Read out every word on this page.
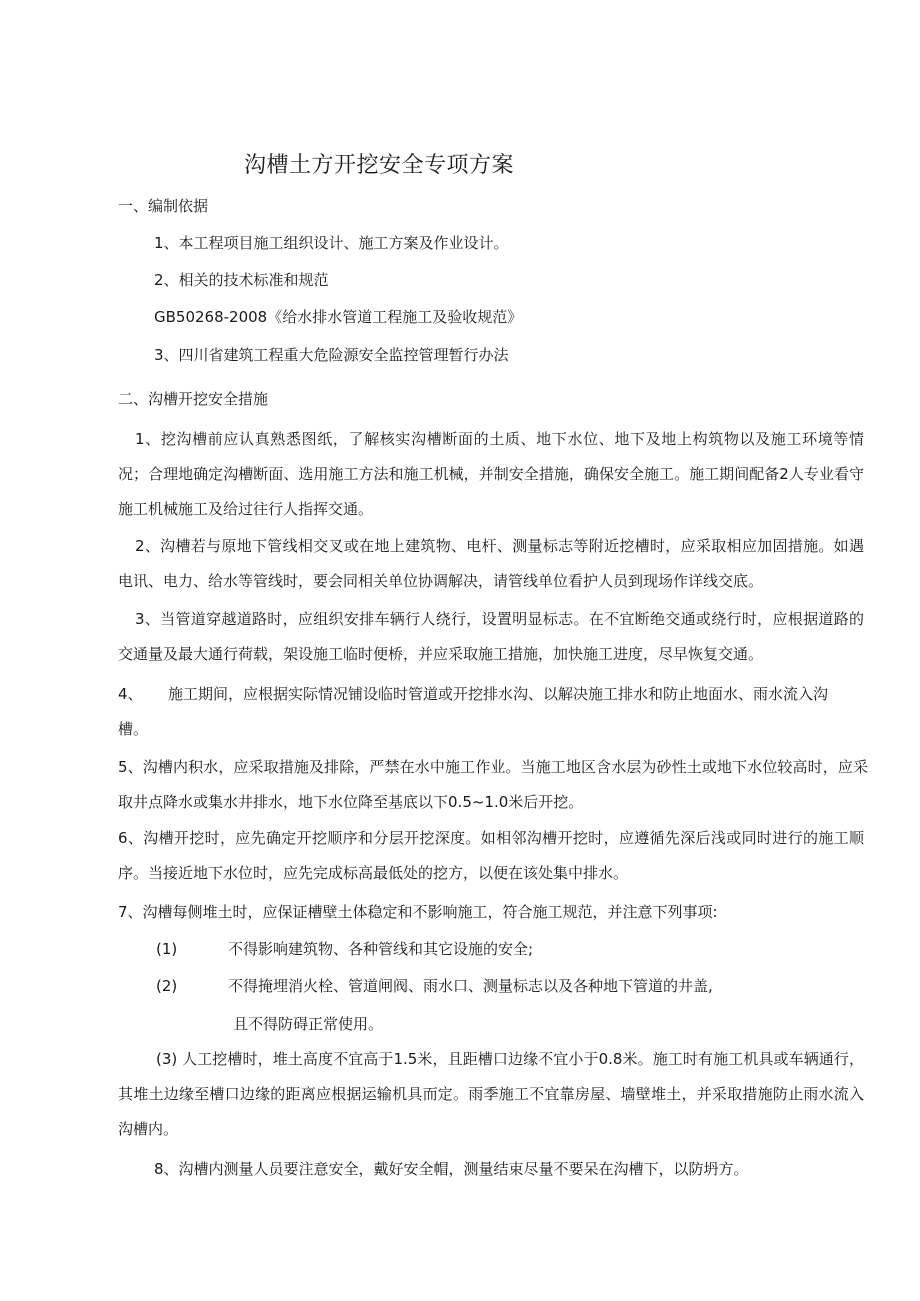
沟槽土方开挖安全专项方案
一、编制依据
1、本工程项目施工组织设计、施工方案及作业设计。
2、相关的技术标准和规范
GB50268-2008《给水排水管道工程施工及验收规范》
3、四川省建筑工程重大危险源安全监控管理暂行办法
二、沟槽开挖安全措施
1、挖沟槽前应认真熟悉图纸，了解核实沟槽断面的土质、地下水位、地下及地上构筑物以及施工环境等情况；合理地确定沟槽断面、选用施工方法和施工机械，并制安全措施，确保安全施工。施工期间配备2人专业看守施工机械施工及给过往行人指挥交通。
2、沟槽若与原地下管线相交叉或在地上建筑物、电杆、测量标志等附近挖槽时，应采取相应加固措施。如遇电讯、电力、给水等管线时，要会同相关单位协调解决，请管线单位看护人员到现场作详线交底。
3、当管道穿越道路时，应组织安排车辆行人绕行，设置明显标志。在不宜断绝交通或绕行时，应根据道路的交通量及最大通行荷载，架设施工临时便桥，并应采取施工措施，加快施工进度，尽早恢复交通。
4、 施工期间，应根据实际情况铺设临时管道或开挖排水沟、以解决施工排水和防止地面水、雨水流入沟
槽。
5、沟槽内积水，应采取措施及排除，严禁在水中施工作业。当施工地区含水层为砂性土或地下水位较高时，应采取井点降水或集水井排水，地下水位降至基底以下0.5~1.0米后开挖。
6、沟槽开挖时，应先确定开挖顺序和分层开挖深度。如相邻沟槽开挖时，应遵循先深后浅或同时进行的施工顺序。当接近地下水位时，应先完成标高最低处的挖方，以便在该处集中排水。
7、沟槽每侧堆土时，应保证槽壁土体稳定和不影响施工，符合施工规范，并注意下列事项:
(1)	不得影响建筑物、各种管线和其它设施的安全;
(2)	不得掩埋消火栓、管道闸阀、雨水口、测量标志以及各种地下管道的井盖,
且不得防碍正常使用。
(3) 人工挖槽时，堆土高度不宜高于1.5米，且距槽口边缘不宜小于0.8米。施工时有施工机具或车辆通行，其堆土边缘至槽口边缘的距离应根据运输机具而定。雨季施工不宜靠房屋、墙壁堆土，并采取措施防止雨水流入沟槽内。
8、沟槽内测量人员要注意安全，戴好安全帽，测量结束尽量不要呆在沟槽下，以防坍方。
